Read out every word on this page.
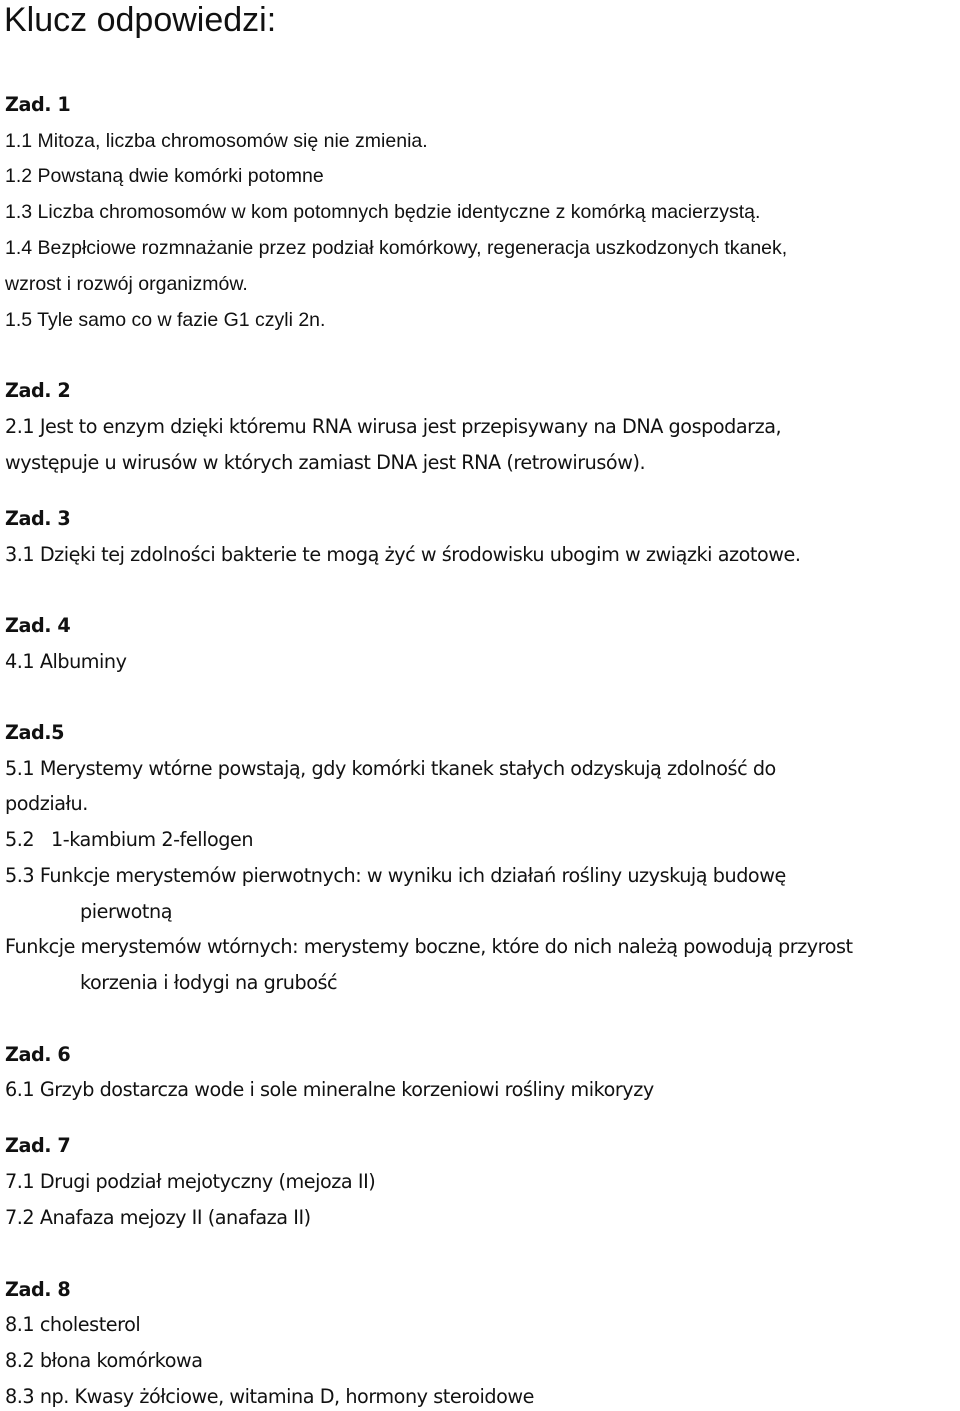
Klucz odpowiedzi:

Zad. 1

1.1 Mitoza, liczba chromosomów się nie zmienia.

1.2 Powstaną dwie komórki potomne

1.3 Liczba chromosomów w kom potomnych będzie identyczne z komórką macierzystą.

1.4 Bezpłciowe rozmnażanie przez podział komórkowy, regeneracja uszkodzonych tkanek,

wzrost i rozwój organizmów.

1.5 Tyle samo co w fazie G1 czyli 2n.

Zad. 2

2.1 Jest to enzym dzięki któremu RNA wirusa jest przepisywany na DNA gospodarza,

występuje u wirusów w których zamiast DNA jest RNA (retrowirusów).

Zad. 3

3.1 Dzięki tej zdolności bakterie te mogą żyć w środowisku ubogim w związki azotowe.

Zad. 4

4.1 Albuminy

Zad.5

5.1 Merystemy wtórne powstają, gdy komórki tkanek stałych odzyskują zdolność do

podziału.

5.2 1-kambium 2-fellogen

5.3 Funkcje merystemów pierwotnych: w wyniku ich działań rośliny uzyskują budowę

pierwotną

Funkcje merystemów wtórnych: merystemy boczne, które do nich należą powodują przyrost

korzenia i łodygi na grubość

Zad. 6

6.1 Grzyb dostarcza wode i sole mineralne korzeniowi rośliny mikoryzy

Zad. 7

7.1 Drugi podział mejotyczny (mejoza II)

7.2 Anafaza mejozy II (anafaza II)

Zad. 8

8.1 cholesterol

8.2 błona komórkowa

8.3 np. Kwasy żółciowe, witamina D, hormony steroidowe
